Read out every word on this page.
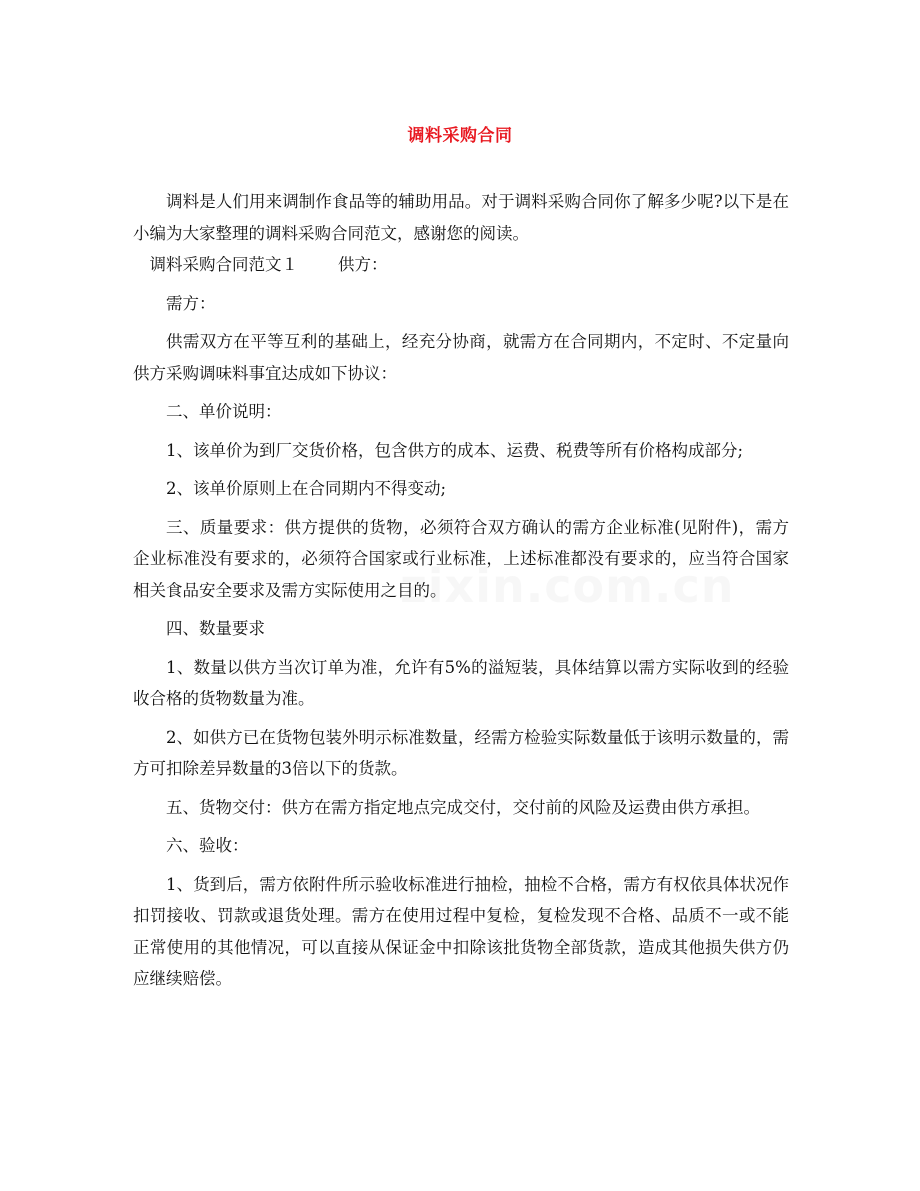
调料采购合同
zixin.com.cn

调料是人们用来调制作食品等的辅助用品。对于调料采购合同你了解多少呢?以下是在小编为大家整理的调料采购合同范文，感谢您的阅读。

调料采购合同范文１ 供方：

需方：

供需双方在平等互利的基础上，经充分协商，就需方在合同期内，不定时、不定量向供方采购调味料事宜达成如下协议：

二、单价说明：

1、该单价为到厂交货价格，包含供方的成本、运费、税费等所有价格构成部分;

2、该单价原则上在合同期内不得变动;

三、质量要求：供方提供的货物，必须符合双方确认的需方企业标准(见附件)，需方企业标准没有要求的，必须符合国家或行业标准，上述标准都没有要求的，应当符合国家相关食品安全要求及需方实际使用之目的。

四、数量要求

1、数量以供方当次订单为准，允许有5%的溢短装，具体结算以需方实际收到的经验收合格的货物数量为准。

2、如供方已在货物包装外明示标准数量，经需方检验实际数量低于该明示数量的，需方可扣除差异数量的3倍以下的货款。

五、货物交付：供方在需方指定地点完成交付，交付前的风险及运费由供方承担。

六、验收：

1、货到后，需方依附件所示验收标准进行抽检，抽检不合格，需方有权依具体状况作扣罚接收、罚款或退货处理。需方在使用过程中复检，复检发现不合格、品质不一或不能正常使用的其他情况，可以直接从保证金中扣除该批货物全部货款，造成其他损失供方仍应继续赔偿。
